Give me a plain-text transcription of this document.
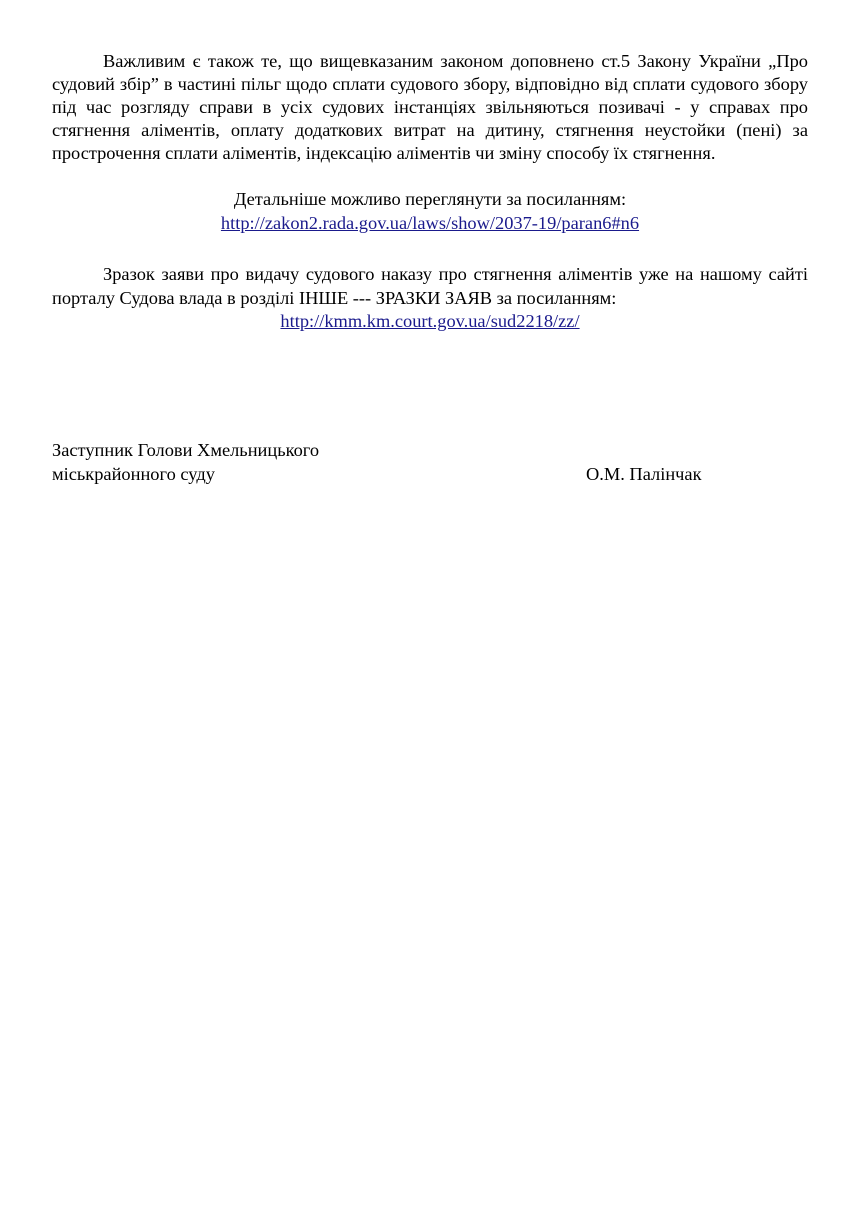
Важливим є також те, що вищевказаним законом доповнено ст.5 Закону України „Про судовий збір” в частині пільг щодо сплати судового збору, відповідно від сплати судового збору під час розгляду справи в усіх судових інстанціях звільняються позивачі - у справах про стягнення аліментів, оплату додаткових витрат на дитину, стягнення неустойки (пені) за прострочення сплати аліментів, індексацію аліментів чи зміну способу їх стягнення.

Детальніше можливо переглянути за посиланням:

http://zakon2.rada.gov.ua/laws/show/2037-19/paran6#n6

Зразок заяви про видачу судового наказу про стягнення аліментів уже на нашому сайті порталу Судова влада в розділі ІНШЕ --- ЗРАЗКИ ЗАЯВ за посиланням:

http://kmm.km.court.gov.ua/sud2218/zz/

Заступник Голови Хмельницького
міськрайонного суду	О.М. Палінчак
